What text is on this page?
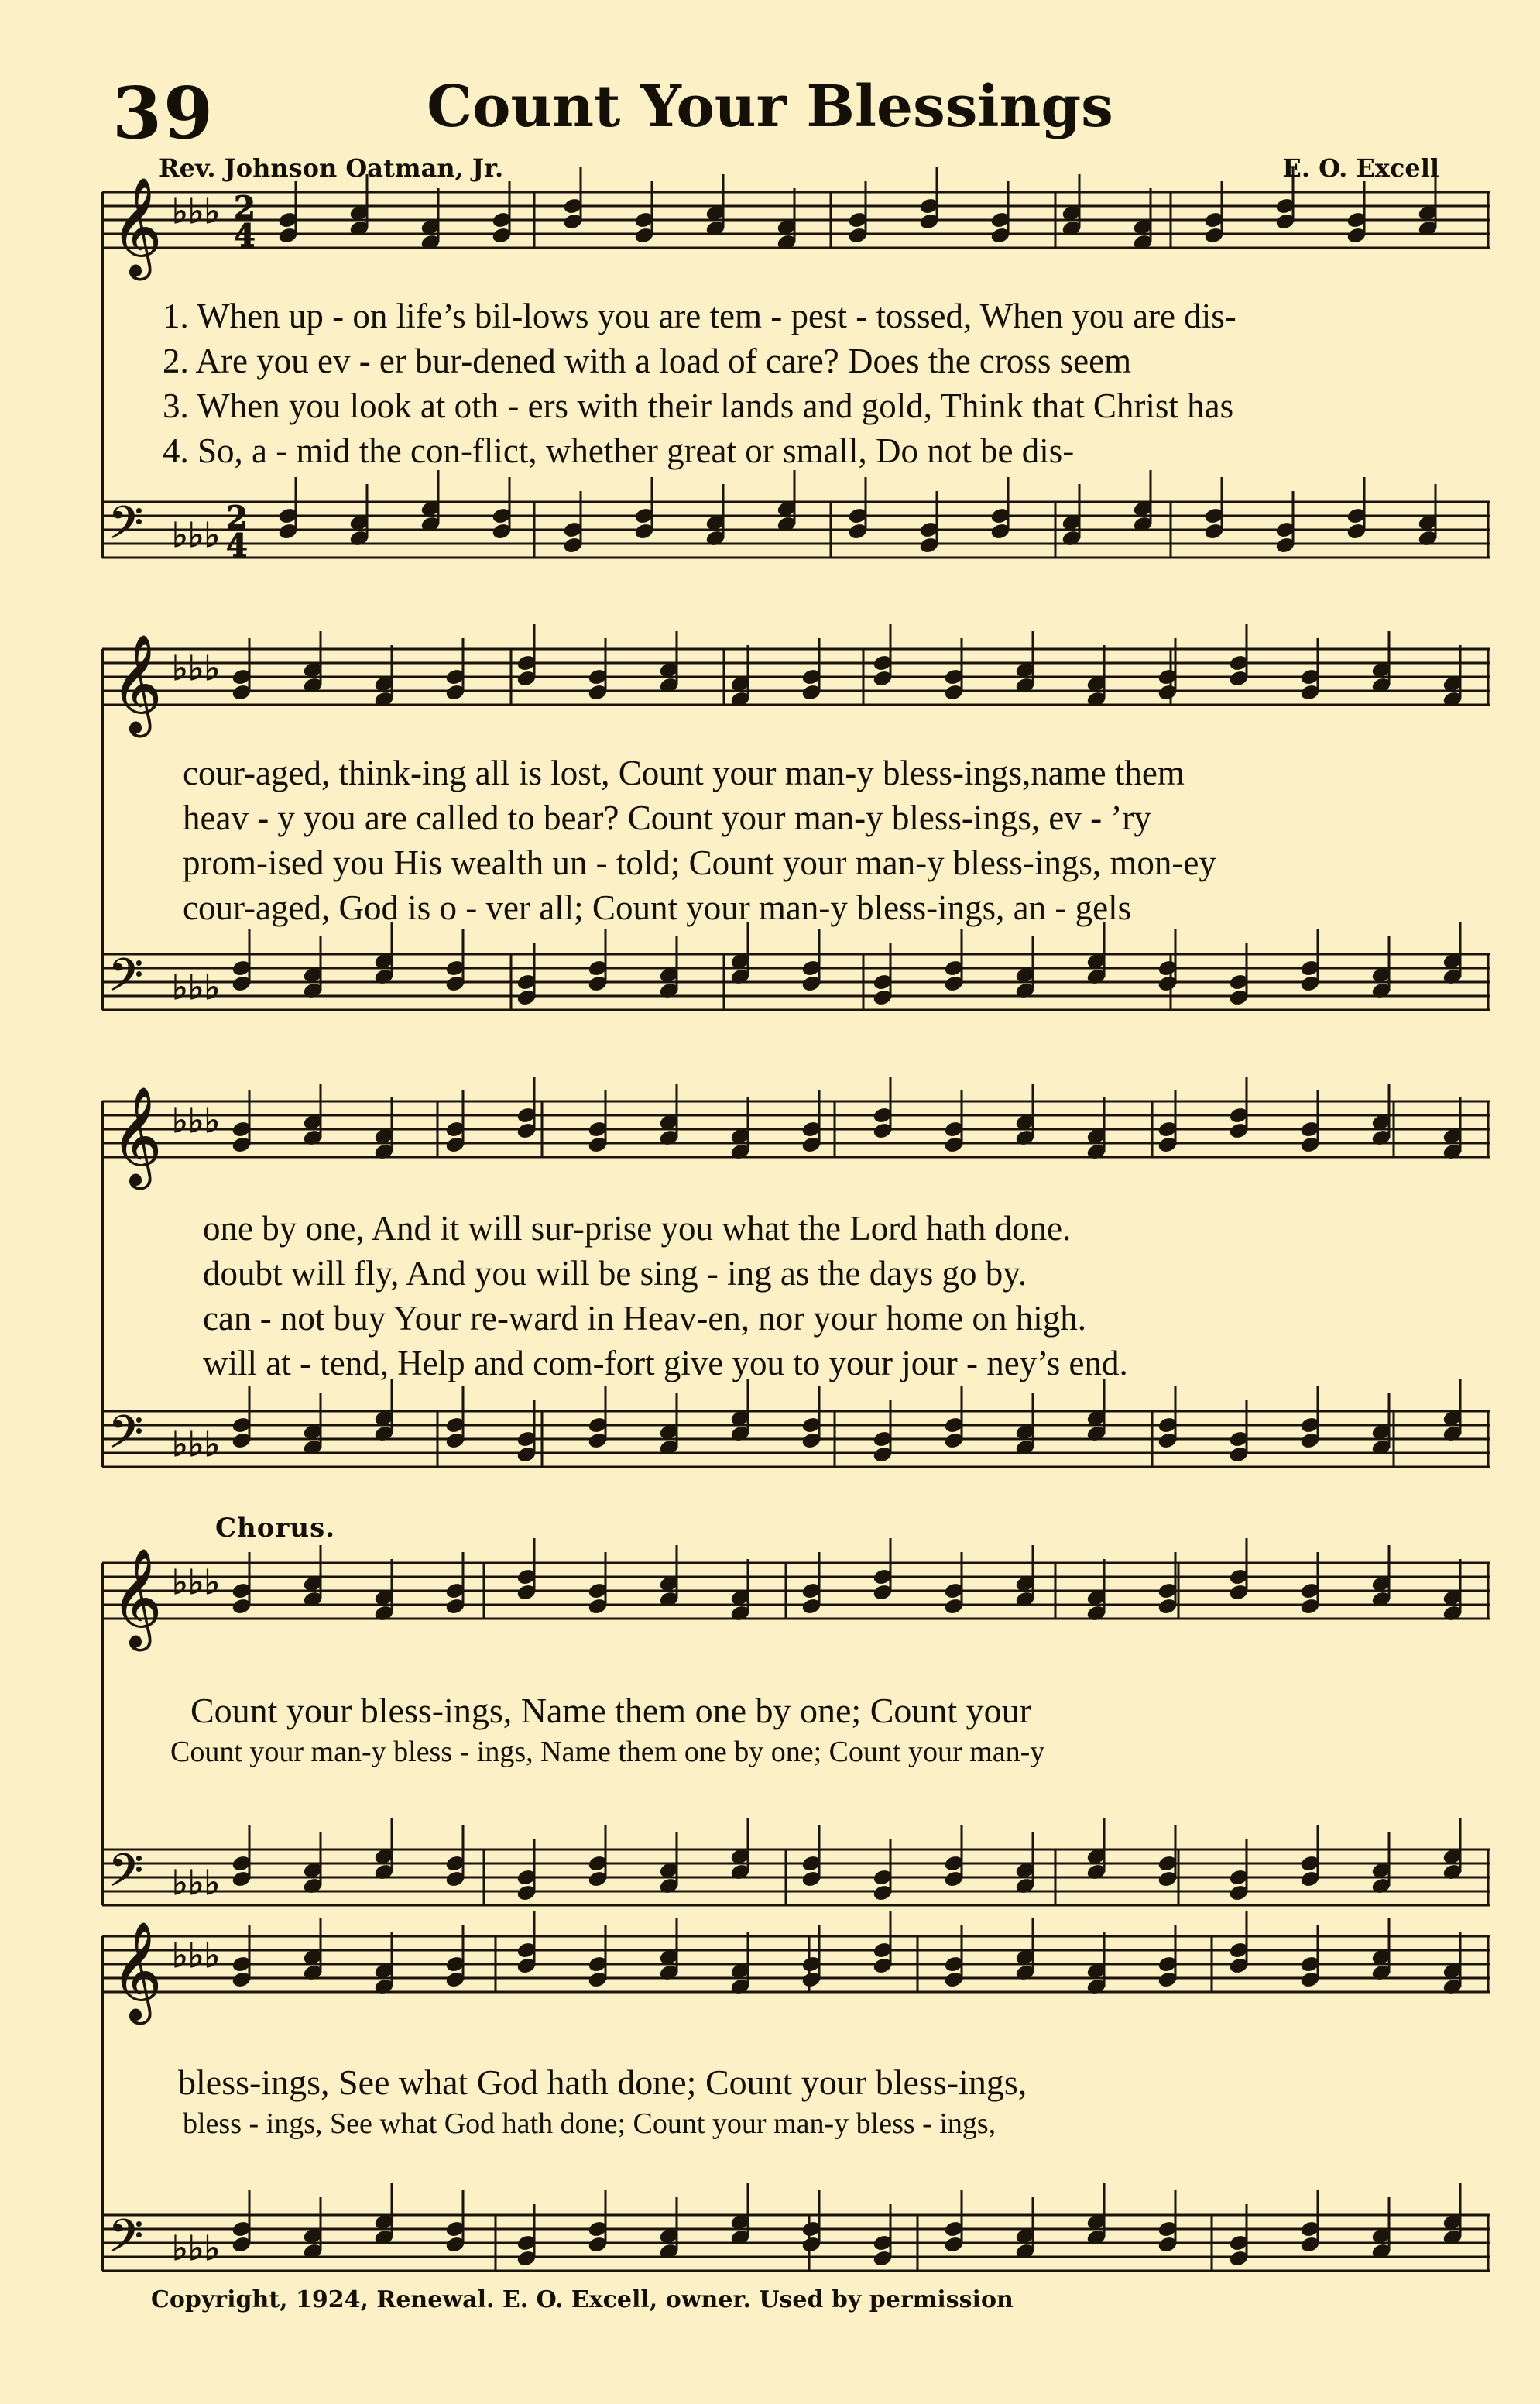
39	Count Your Blessings
Rev. Johnson Oatman, Jr.	E. O. Excell
𝄞
𝄢
♭♭♭
♭♭♭
2
4
2
4
𝄞
𝄢
♭♭♭
♭♭♭
𝄞
𝄢
♭♭♭
♭♭♭
𝄞
𝄢
♭♭♭
♭♭♭
𝄞
𝄢
♭♭♭
♭♭♭
1. When up - on life’s bil-lows you are tem - pest - tossed, When you are dis-
2. Are you ev - er bur-dened with a load of care? Does the cross seem
3. When you look at oth - ers with their lands and gold, Think that Christ has
4. So, a - mid the con-flict, whether great or small, Do not be dis-
cour-aged, think-ing all is lost, Count your man-y bless-ings,name them
heav - y you are called to bear? Count your man-y bless-ings, ev - ’ry
prom-ised you His wealth un - told; Count your man-y bless-ings, mon-ey
cour-aged, God is o - ver all; Count your man-y bless-ings, an - gels
one by one, And it will sur-prise you what the Lord hath done.
doubt will fly, And you will be sing - ing as the days go by.
can - not buy Your re-ward in Heav-en, nor your home on high.
will at - tend, Help and com-fort give you to your jour - ney’s end.
Chorus.
Count your bless-ings, Name them one by one; Count your
Count your man-y bless - ings, Name them one by one; Count your man-y
bless-ings, See what God hath done; Count your bless-ings,
bless - ings, See what God hath done; Count your man-y bless - ings,
Copyright, 1924, Renewal. E. O. Excell, owner. Used by permission
